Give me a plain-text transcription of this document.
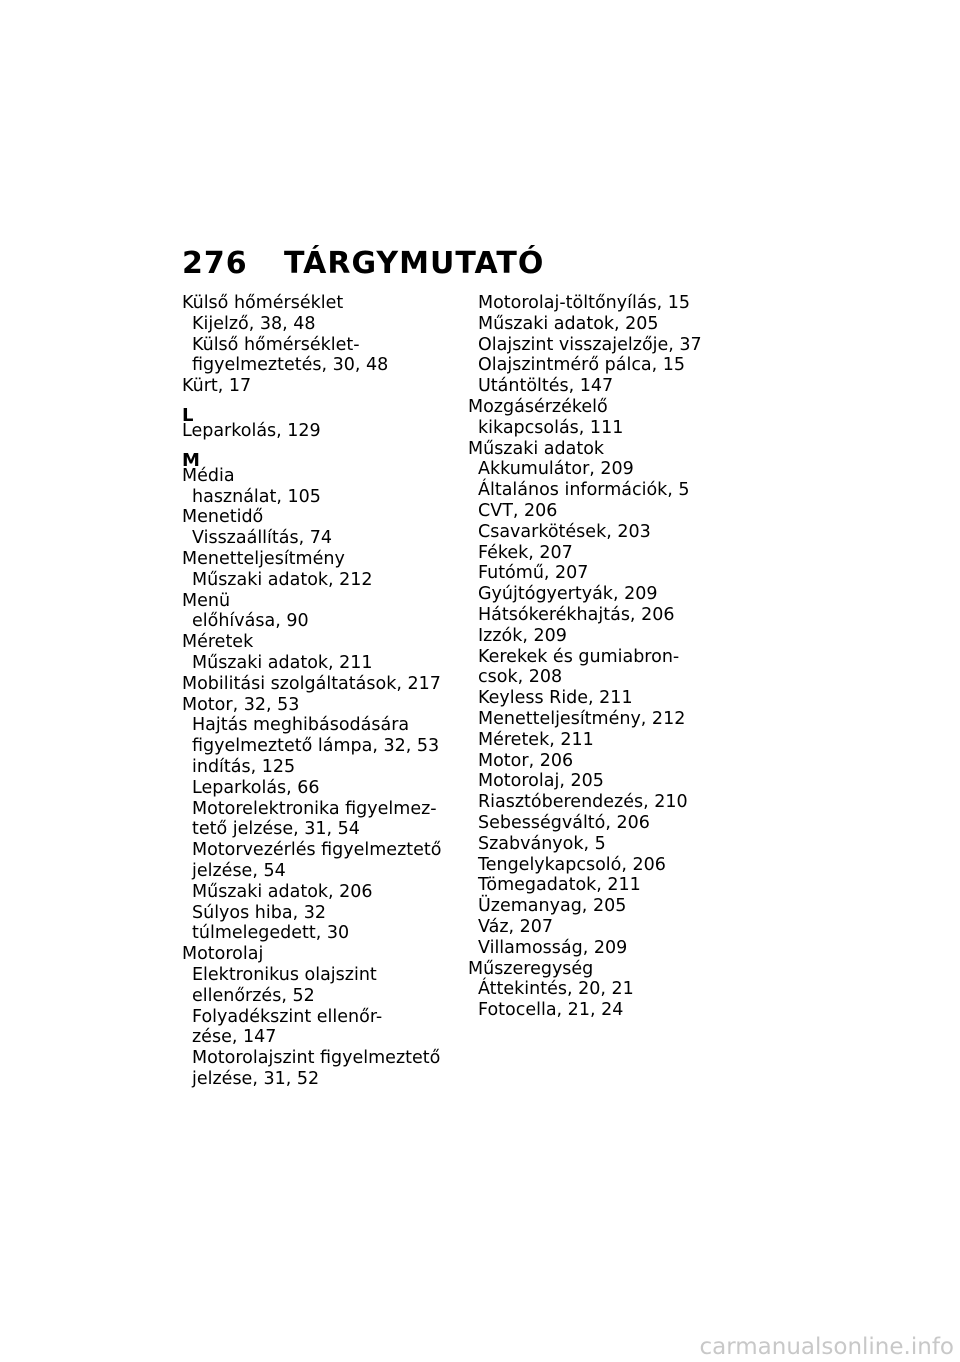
276 TÁRGYMUTATÓ
Külső hőmérséklet
Kijelző, 38, 48
Külső hőmérséklet-
figyelmeztetés, 30, 48
Kürt, 17
L
Leparkolás, 129
M
Média
használat, 105
Menetidő
Visszaállítás, 74
Menetteljesítmény
Műszaki adatok, 212
Menü
előhívása, 90
Méretek
Műszaki adatok, 211
Mobilitási szolgáltatások, 217
Motor, 32, 53
Hajtás meghibásodására
figyelmeztető lámpa, 32, 53
indítás, 125
Leparkolás, 66
Motorelektronika figyelmez-
tető jelzése, 31, 54
Motorvezérlés figyelmeztető
jelzése, 54
Műszaki adatok, 206
Súlyos hiba, 32
túlmelegedett, 30
Motorolaj
Elektronikus olajszint
ellenőrzés, 52
Folyadékszint ellenőr-
zése, 147
Motorolajszint figyelmeztető
jelzése, 31, 52
Motorolaj-töltőnyílás, 15
Műszaki adatok, 205
Olajszint visszajelzője, 37
Olajszintmérő pálca, 15
Utántöltés, 147
Mozgásérzékelő
kikapcsolás, 111
Műszaki adatok
Akkumulátor, 209
Általános információk, 5
CVT, 206
Csavarkötések, 203
Fékek, 207
Futómű, 207
Gyújtógyertyák, 209
Hátsókerékhajtás, 206
Izzók, 209
Kerekek és gumiabron-
csok, 208
Keyless Ride, 211
Menetteljesítmény, 212
Méretek, 211
Motor, 206
Motorolaj, 205
Riasztóberendezés, 210
Sebességváltó, 206
Szabványok, 5
Tengelykapcsoló, 206
Tömegadatok, 211
Üzemanyag, 205
Váz, 207
Villamosság, 209
Műszeregység
Áttekintés, 20, 21
Fotocella, 21, 24
carmanualsonline.info
